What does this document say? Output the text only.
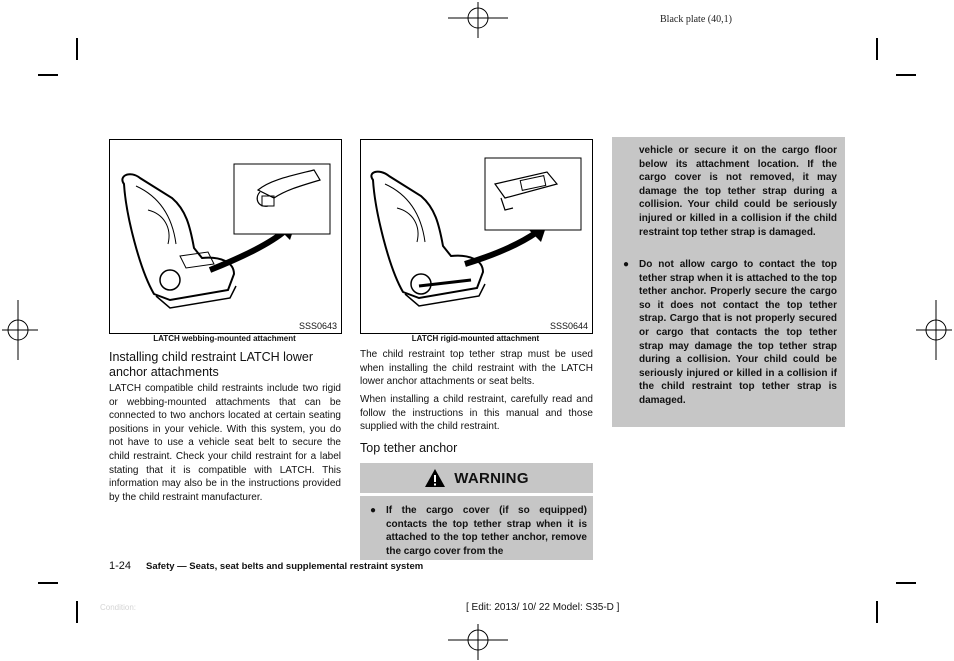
Black plate (40,1)
SSS0643
LATCH webbing-mounted attachment
SSS0644
LATCH rigid-mounted attachment
Installing child restraint LATCH lower anchor attachments
LATCH compatible child restraints include two rigid or webbing-mounted attachments that can be connected to two anchors located at certain seating positions in your vehicle. With this system, you do not have to use a vehicle seat belt to secure the child restraint. Check your child restraint for a label stating that it is compatible with LATCH. This information may also be in the instructions provided by the child restraint manufacturer.
The child restraint top tether strap must be used when installing the child restraint with the LATCH lower anchor attachments or seat belts.
When installing a child restraint, carefully read and follow the instructions in this manual and those supplied with the child restraint.
Top tether anchor
WARNING
● If the cargo cover (if so equipped) contacts the top tether strap when it is attached to the top tether anchor, remove the cargo cover from the
vehicle or secure it on the cargo floor below its attachment location. If the cargo cover is not removed, it may damage the top tether strap during a collision. Your child could be seriously injured or killed in a collision if the child restraint top tether strap is damaged.
● Do not allow cargo to contact the top tether strap when it is attached to the top tether anchor. Properly secure the cargo so it does not contact the top tether strap. Cargo that is not properly secured or cargo that contacts the top tether strap may damage the top tether strap during a collision. Your child could be seriously injured or killed in a collision if the child restraint top tether strap is damaged.
1-24 Safety — Seats, seat belts and supplemental restraint system
Condition:	[ Edit: 2013/ 10/ 22 Model: S35-D ]
